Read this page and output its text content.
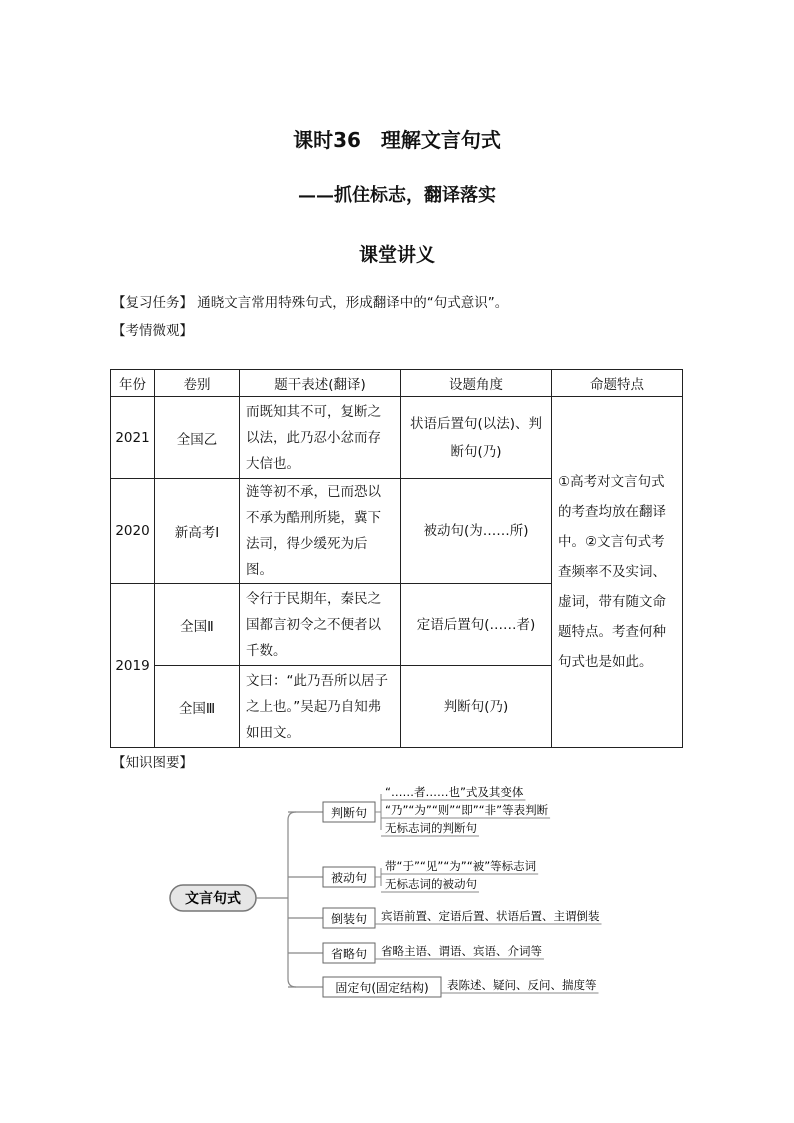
课时36　理解文言句式
——抓住标志，翻译落实
课堂讲义
【复习任务】 通晓文言常用特殊句式，形成翻译中的“句式意识”。
【考情微观】
年份	卷别	题干表述(翻译)	设题角度	命题特点
2021	全国乙	而既知其不可，复断之以法，此乃忍小忿而存大信也。	状语后置句(以法)、判断句(乃)	①高考对文言句式的考查均放在翻译中。②文言句式考查频率不及实词、虚词，带有随文命题特点。考查何种句式也是如此。
2020	新高考Ⅰ	涟等初不承，已而恐以不承为酷刑所毙，冀下法司，得少缓死为后图。	被动句(为……所)	
2019	全国Ⅱ	令行于民期年，秦民之国都言初令之不便者以千数。	定语后置句(……者)	
	全国Ⅲ	文曰：“此乃吾所以居子之上也。”吴起乃自知弗如田文。	判断句(乃)	
【知识图要】
文言句式
判断句
“……者……也”式及其变体
“乃”“为”“则”“即”“非”等表判断
无标志词的判断句
被动句
带“于”“见”“为”“被”等标志词
无标志词的被动句
倒装句 宾语前置、定语后置、状语后置、主谓倒装
省略句 省略主语、谓语、宾语、介词等
固定句(固定结构) 表陈述、疑问、反问、揣度等
